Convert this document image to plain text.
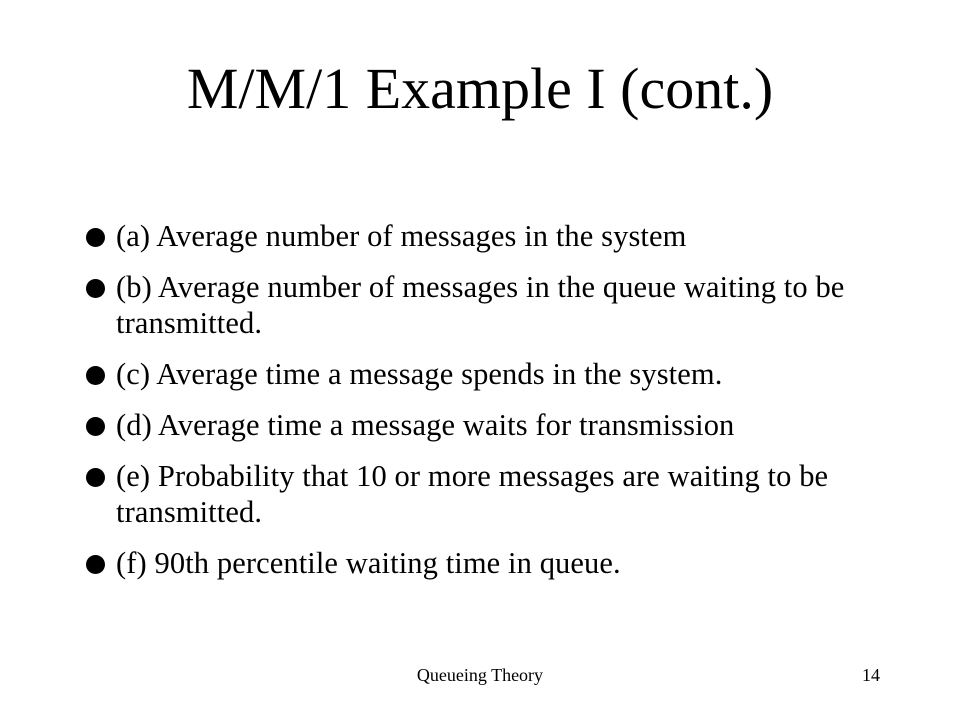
M/M/1 Example I (cont.)
(a) Average number of messages in the system
(b) Average number of messages in the queue waiting to be transmitted.
(c) Average time a message spends in the system.
(d) Average time a message waits for transmission
(e) Probability that 10 or more messages are waiting to be transmitted.
(f) 90th percentile waiting time in queue.
Queueing Theory	14
